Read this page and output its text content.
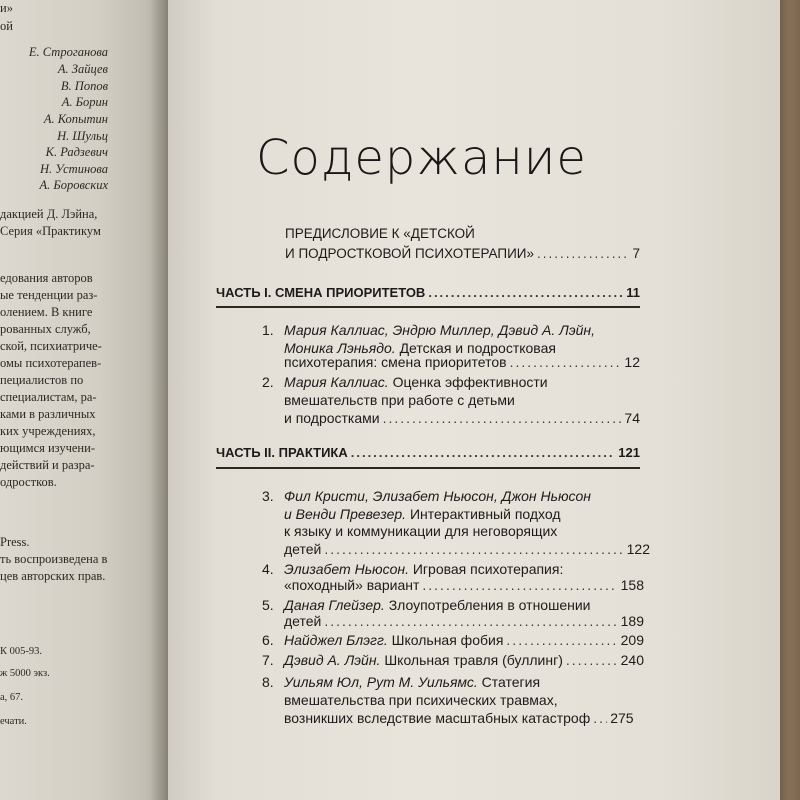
и»
ой
Е. Строганова
А. Зайцев
В. Попов
А. Борин
А. Копытин
Н. Шульц
К. Радзевич
Н. Устинова
А. Боровских
дакцией Д. Лэйна,
Серия «Практикум
едования авторов
ые тенденции раз-
олением. В книге
рованных служб,
ской, психиатриче-
омы психотерапев-
пециалистов по
специалистам, ра-
ками в различных
ких учреждениях,
ющимся изучени-
действий и разра-
одростков.
Press.
ть воспроизведена в
цев авторских прав.
К 005-93.
ж 5000 экз.
а, 67.
ечати.
Содержание
ПРЕДИСЛОВИЕ К «ДЕТСКОЙ
И ПОДРОСТКОВОЙ ПСИХОТЕРАПИИ» .....	7
ЧАСТЬ I. СМЕНА ПРИОРИТЕТОВ .....	11
1. Мария Каллиас, Эндрю Миллер, Дэвид А. Лэйн,
Моника Лэньядо. Детская и подростковая
психотерапия: смена приоритетов .....	12
2. Мария Каллиас. Оценка эффективности
вмешательств при работе с детьми
и подростками .....	74
ЧАСТЬ II. ПРАКТИКА .....	121
3. Фил Кристи, Элизабет Ньюсон, Джон Ньюсон
и Венди Превезер. Интерактивный подход
к языку и коммуникации для неговорящих
детей .....	122
4. Элизабет Ньюсон. Игровая психотерапия:
«походный» вариант .....	158
5. Даная Глейзер. Злоупотребления в отношении
детей .....	189
6. Найджел Блэгг.
Школьная фобия .....	209
7. Дэвид А. Лэйн.
Школьная травля (буллинг) .....	240
8. Уильям Юл, Рут М. Уильямс. Статегия
вмешательства при психических травмах,
возникших вследствие масштабных катастроф ..... 275
